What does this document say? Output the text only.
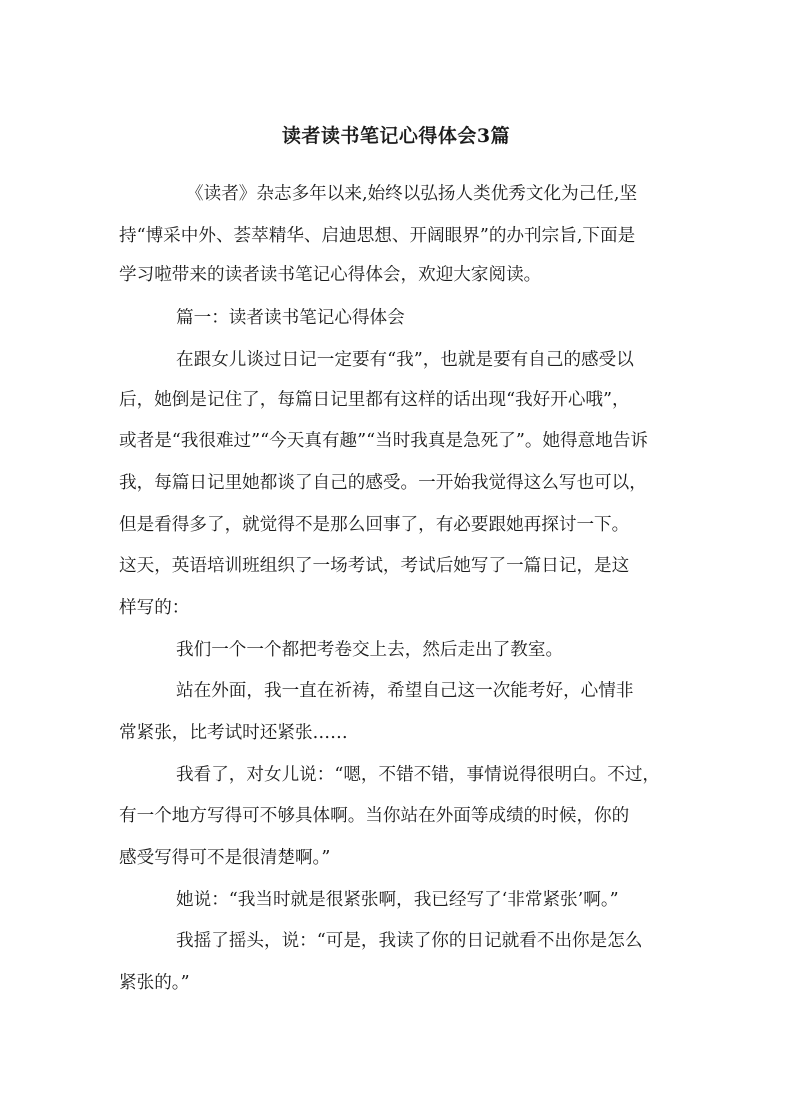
读者读书笔记心得体会3篇

《读者》杂志多年以来,始终以弘扬人类优秀文化为己任,坚

持“博采中外、荟萃精华、启迪思想、开阔眼界”的办刊宗旨,下面是

学习啦带来的读者读书笔记心得体会，欢迎大家阅读。

篇一：读者读书笔记心得体会

在跟女儿谈过日记一定要有“我”，也就是要有自己的感受以

后，她倒是记住了，每篇日记里都有这样的话出现“我好开心哦”，

或者是“我很难过”“今天真有趣”“当时我真是急死了”。她得意地告诉

我，每篇日记里她都谈了自己的感受。一开始我觉得这么写也可以，

但是看得多了，就觉得不是那么回事了，有必要跟她再探讨一下。

这天，英语培训班组织了一场考试，考试后她写了一篇日记，是这

样写的：

我们一个一个都把考卷交上去，然后走出了教室。

站在外面，我一直在祈祷，希望自己这一次能考好，心情非

常紧张，比考试时还紧张……

我看了，对女儿说：“嗯，不错不错，事情说得很明白。不过，

有一个地方写得可不够具体啊。当你站在外面等成绩的时候，你的

感受写得可不是很清楚啊。”

她说：“我当时就是很紧张啊，我已经写了‘非常紧张’啊。”

我摇了摇头，说：“可是，我读了你的日记就看不出你是怎么

紧张的。”
